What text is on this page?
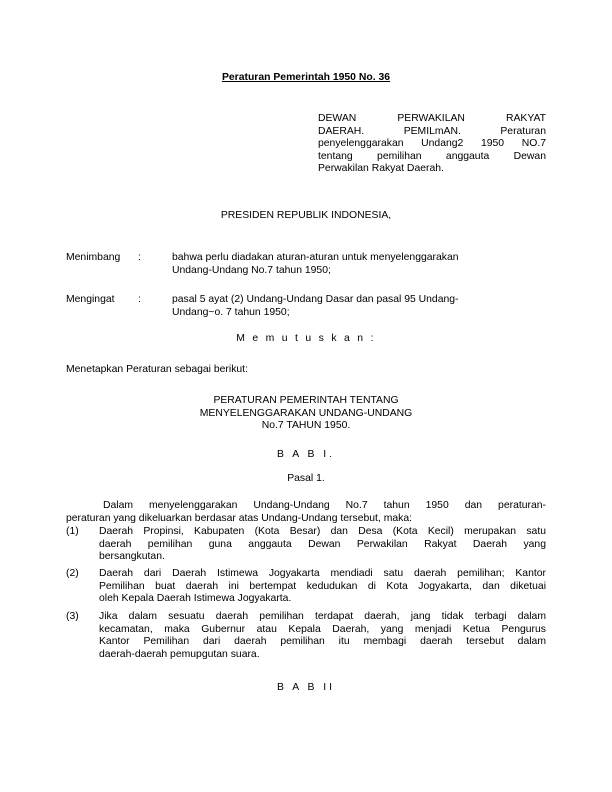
Peraturan Pemerintah 1950 No. 36
DEWAN PERWAKILAN RAKYAT
DAERAH. PEMILmAN. Peraturan
penyelenggarakan Undang2 1950 NO.7
tentang pemilihan anggauta Dewan
Perwakilan Rakyat Daerah.
PRESIDEN REPUBLIK INDONESIA,
Menimbang :	bahwa perlu diadakan aturan-aturan untuk menyelenggarakan
Undang-Undang No.7 tahun 1950;
Mengingat :	pasal 5 ayat (2) Undang-Undang Dasar dan pasal 95 Undang-
Undang~o. 7 tahun 1950;
M e m u t u s k a n :
Menetapkan Peraturan sebagai berikut:
PERATURAN PEMERINTAH TENTANG
MENYELENGGARAKAN UNDANG-UNDANG
No.7 TAHUN 1950.
B A B I.
Pasal 1.
Dalam menyelenggarakan Undang-Undang No.7 tahun 1950 dan peraturan-
peraturan yang dikeluarkan berdasar atas Undang-Undang tersebut, maka:
(1) Daerah Propinsi, Kabupaten (Kota Besar) dan Desa (Kota Kecil) merupakan satu
daerah pemilihan guna anggauta Dewan Perwakilan Rakyat Daerah yang
bersangkutan.
(2) Daerah dari Daerah Istimewa Jogyakarta mendiadi satu daerah pemilihan; Kantor
Pemilihan buat daerah ini bertempat kedudukan di Kota Jogyakarta, dan diketuai
oleh Kepala Daerah Istimewa Jogyakarta.
(3) Jika dalam sesuatu daerah pemilihan terdapat daerah, jang tidak terbagi dalam
kecamatan, maka Gubernur atau Kepala Daerah, yang menjadi Ketua Pengurus
Kantor Pemilihan dari daerah pemilihan itu membagi daerah tersebut dalam
daerah-daerah pemupgutan suara.
B A B II
